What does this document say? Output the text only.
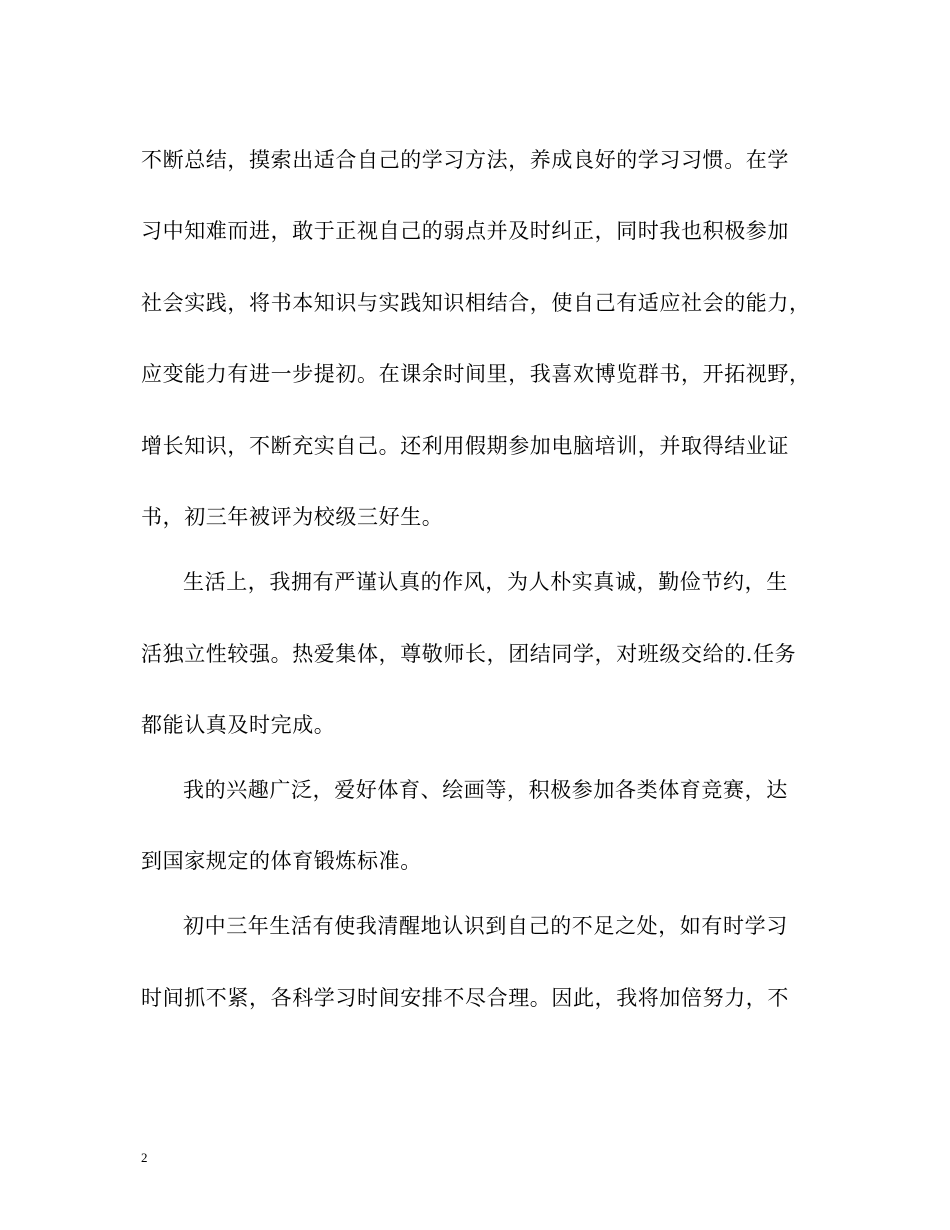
不断总结，摸索出适合自己的学习方法，养成良好的学习习惯。在学
习中知难而进，敢于正视自己的弱点并及时纠正，同时我也积极参加
社会实践，将书本知识与实践知识相结合，使自己有适应社会的能力，
应变能力有进一步提初。在课余时间里，我喜欢博览群书，开拓视野，
增长知识，不断充实自己。还利用假期参加电脑培训，并取得结业证
书，初三年被评为校级三好生。
生活上，我拥有严谨认真的作风，为人朴实真诚，勤俭节约，生
活独立性较强。热爱集体，尊敬师长，团结同学，对班级交给的.任务
都能认真及时完成。
我的兴趣广泛，爱好体育、绘画等，积极参加各类体育竞赛，达
到国家规定的体育锻炼标准。
初中三年生活有使我清醒地认识到自己的不足之处，如有时学习
时间抓不紧，各科学习时间安排不尽合理。因此，我将加倍努力，不
2
